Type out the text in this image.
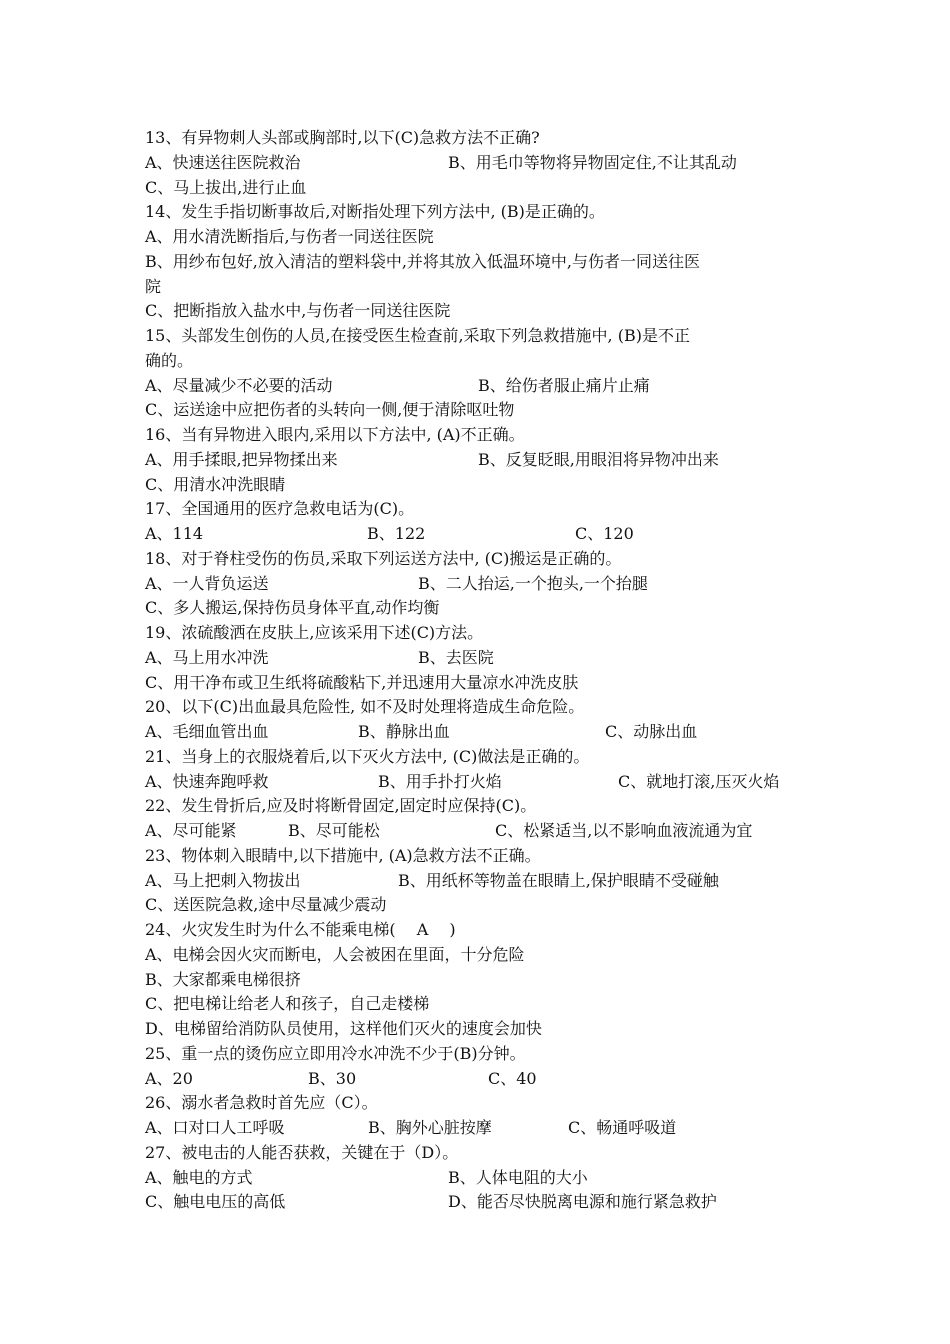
13、有异物刺人头部或胸部时,以下(C)急救方法不正确?
A、快速送往医院救治	B、用毛巾等物将异物固定住,不让其乱动
C、马上拔出,进行止血
14、发生手指切断事故后,对断指处理下列方法中, (B)是正确的。
A、用水清洗断指后,与伤者一同送往医院
B、用纱布包好,放入清洁的塑料袋中,并将其放入低温环境中,与伤者一同送往医
院
C、把断指放入盐水中,与伤者一同送往医院
15、头部发生创伤的人员,在接受医生检查前,采取下列急救措施中, (B)是不正
确的。
A、尽量减少不必要的活动	B、给伤者服止痛片止痛
C、运送途中应把伤者的头转向一侧,便于清除呕吐物
16、当有异物进入眼内,采用以下方法中, (A)不正确。
A、用手揉眼,把异物揉出来	B、反复眨眼,用眼泪将异物冲出来
C、用清水冲洗眼睛
17、全国通用的医疗急救电话为(C)。
A、114	B、122	C、120
18、对于脊柱受伤的伤员,采取下列运送方法中, (C)搬运是正确的。
A、一人背负运送	B、二人抬运,一个抱头,一个抬腿
C、多人搬运,保持伤员身体平直,动作均衡
19、浓硫酸洒在皮肤上,应该采用下述(C)方法。
A、马上用水冲洗	B、去医院
C、用干净布或卫生纸将硫酸粘下,并迅速用大量凉水冲洗皮肤
20、以下(C)出血最具危险性, 如不及时处理将造成生命危险。
A、毛细血管出血	B、静脉出血	C、动脉出血
21、当身上的衣服烧着后,以下灭火方法中, (C)做法是正确的。
A、快速奔跑呼救	B、用手扑打火焰	C、就地打滚,压灭火焰
22、发生骨折后,应及时将断骨固定,固定时应保持(C)。
A、尽可能紧	B、尽可能松	C、松紧适当,以不影响血液流通为宜
23、物体刺入眼睛中,以下措施中, (A)急救方法不正确。
A、马上把刺入物拔出	B、用纸杯等物盖在眼睛上,保护眼睛不受碰触
C、送医院急救,途中尽量减少震动
24、火灾发生时为什么不能乘电梯(　 A　 )
A、电梯会因火灾而断电，人会被困在里面，十分危险
B、大家都乘电梯很挤
C、把电梯让给老人和孩子，自己走楼梯
D、电梯留给消防队员使用，这样他们灭火的速度会加快
25、重一点的烫伤应立即用冷水冲洗不少于(B)分钟。
A、20	B、30	C、40
26、溺水者急救时首先应（C）。
A、口对口人工呼吸	B、胸外心脏按摩	C、畅通呼吸道
27、被电击的人能否获救，关键在于（D）。
A、触电的方式	B、人体电阻的大小
C、触电电压的高低	D、能否尽快脱离电源和施行紧急救护
